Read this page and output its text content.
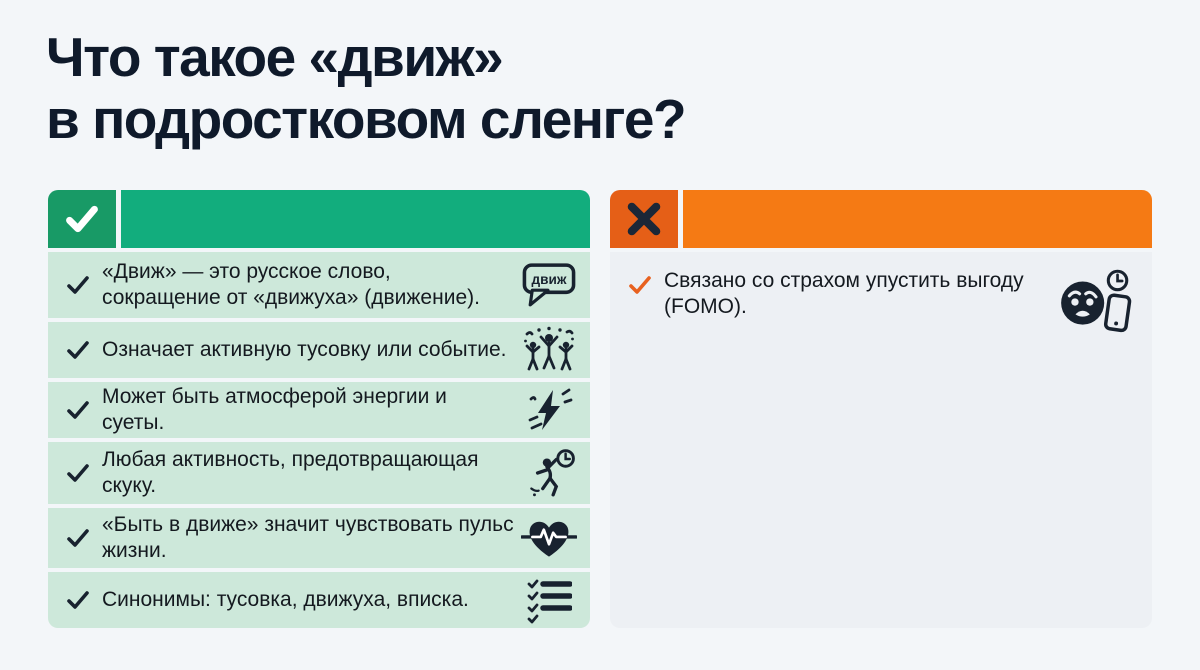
Что такое «движ»
в подростковом сленге?
«Движ» — это русское слово, сокращение от «движуха» (движение).
движ
Означает активную тусовку или событие.
Может быть атмосферой энергии и суеты.
Любая активность, предотвращающая скуку.
«Быть в движе» значит чувствовать пульс жизни.
Синонимы: тусовка, движуха, вписка.
Связано со страхом упустить выгоду (FOMO).
